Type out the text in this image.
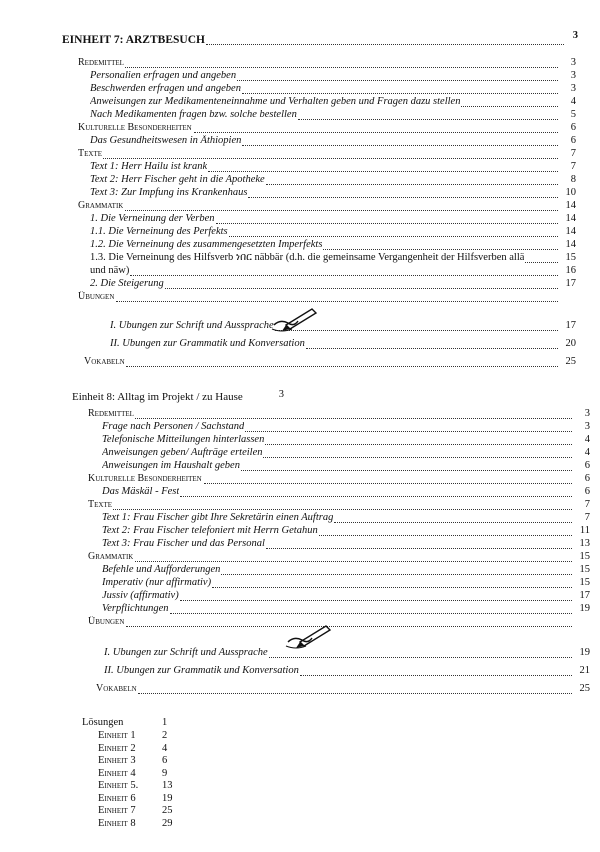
EINHEIT 7: ARZTBESUCH	3
Redemittel	3
Personalien erfragen und angeben	3
Beschwerden erfragen und angeben	3
Anweisungen zur Medikamenteneinnahme und Verhalten geben und Fragen dazu stellen	4
Nach Medikamenten fragen bzw. solche bestellen	5
Kulturelle Besonderheiten	6
Das Gesundheitswesen in Äthiopien	6
Texte	7
Text 1: Herr Hailu ist krank	7
Text 2: Herr Fischer geht in die Apotheke	8
Text 3: Zur Impfung ins Krankenhaus	10
Grammatik	14
1. Die Verneinung der Verben	14
1.1. Die Verneinung des Perfekts	14
1.2. Die Verneinung des zusammengesetzten Imperfekts	14
1.3. Die Verneinung des Hilfsverb ነበር näbbär (d.h. die gemeinsame Vergangenheit der Hilfsverben allä	15
und näw)	16
2. Die Steigerung	17
Übungen
I. Übungen zur Schrift und Aussprache	17
II. Übungen zur Grammatik und Konversation	20
Vokabeln	25
Einheit 8: Alltag im Projekt / zu Hause	3
Redemittel	3
Frage nach Personen / Sachstand	3
Telefonische Mitteilungen hinterlassen	4
Anweisungen geben/ Aufträge erteilen	4
Anweisungen im Haushalt geben	6
Kulturelle Besonderheiten	6
Das Mäskäl - Fest	6
Texte	7
Text 1: Frau Fischer gibt Ihre Sekretärin einen Auftrag	7
Text 2: Frau Fischer telefoniert mit Herrn Getahun	11
Text 3: Frau Fischer und das Personal	13
Grammatik	15
Befehle und Aufforderungen	15
Imperativ (nur affirmativ)	15
Jussiv (affirmativ)	17
Verpflichtungen	19
Übungen
I. Übungen zur Schrift und Aussprache	19
II. Übungen zur Grammatik und Konversation	21
Vokabeln	25
Lösungen	1
Einheit 1	2
Einheit 2	4
Einheit 3	6
Einheit 4	9
Einheit 5. 13
Einheit 6	19
Einheit 7	25
Einheit 8	29
